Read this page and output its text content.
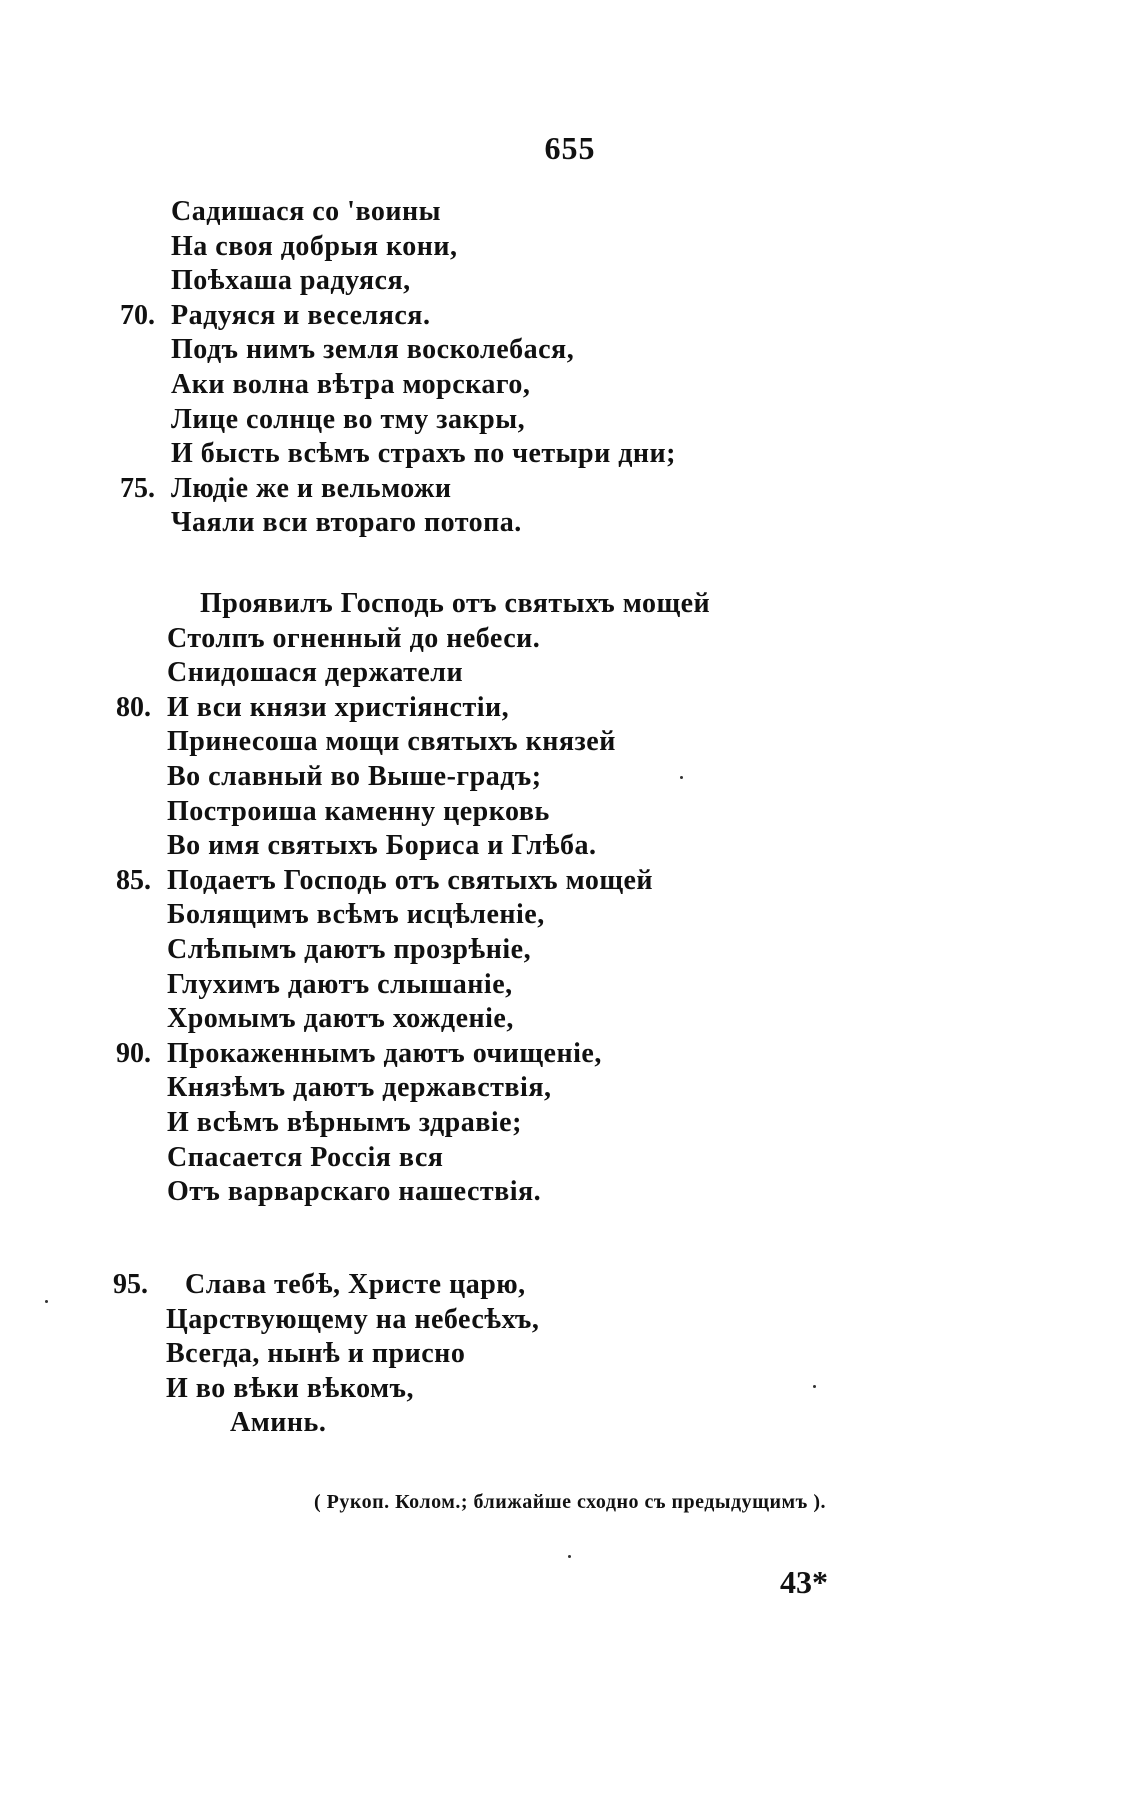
655
Садишася со 'воины
На своя добрыя кони,
Поѣхаша радуяся,
70. Радуяся и веселяся.
Подъ нимъ земля восколебася,
Аки волна вѣтра морскаго,
Лице солнце во тму закры,
И бысть всѣмъ страхъ по четыри дни;
75. Людіе же и вельможи
Чаяли вси втораго потопа.
Проявилъ Господь отъ святыхъ мощей
Столпъ огненный до небеси.
Снидошася держатели
80. И вси князи христіянстіи,
Принесоша мощи святыхъ князей
Во славный во Выше-градъ;
Построиша каменну церковь
Во имя святыхъ Бориса и Глѣба.
85. Подаетъ Господь отъ святыхъ мощей
Болящимъ всѣмъ исцѣленіе,
Слѣпымъ даютъ прозрѣніе,
Глухимъ даютъ слышаніе,
Хромымъ даютъ хожденіе,
90. Прокаженнымъ даютъ очищеніе,
Князѣмъ даютъ державствія,
И всѣмъ вѣрнымъ здравіе;
Спасается Россія вся
Отъ варварскаго нашествія.
95. Слава тебѣ, Христе царю,
Царствующему на небесѣхъ,
Всегда, нынѣ и присно
И во вѣки вѣкомъ,
Аминь.
( Рукоп. Колом.; ближайше сходно съ предыдущимъ ).
43*
